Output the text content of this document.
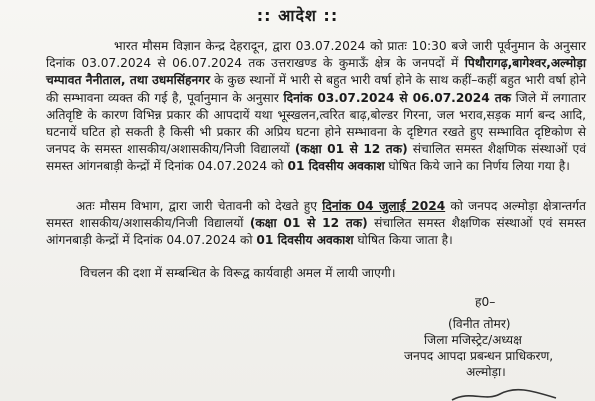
:: आदेश ::
भारत मौसम विज्ञान केन्द्र देहरादून, द्वारा 03.07.2024 को प्रातः 10:30 बजे जारी पूर्वनुमान के अनुसार दिनांक 03.07.2024 से 06.07.2024 तक उत्तराखण्ड के कुमाऊँ क्षेत्र के जनपदों में पिथौरागढ़,बागेश्वर,अल्मोड़ा चम्पावत नैनीताल, तथा उधमसिंहनगर के कुछ स्थानों में भारी से बहुत भारी वर्षा होने के साथ कहीं–कहीं बहुत भारी वर्षा होने की सम्भावना व्यक्त की गई है, पूर्वानुमान के अनुसार दिनांक 03.07.2024 से 06.07.2024 तक जिले में लगातार अतिवृष्टि के कारण विभिन्न प्रकार की आपदायें यथा भूस्खलन,त्वरित बाढ़,बोल्डर गिरना, जल भराव,सड़क मार्ग बन्द आदि, घटनायें घटित हो सकती है किसी भी प्रकार की अप्रिय घटना होने सम्भावना के दृष्टिगत रखते हुए सम्भावित दृष्टिकोण से जनपद के समस्त शासकीय/अशासकीय/निजी विद्यालयों (कक्षा 01 से 12 तक) संचालित समस्त शैक्षणिक संस्थाओं एवं समस्त आंगनबाड़ी केन्द्रों में दिनांक 04.07.2024 को 01 दिवसीय अवकाश घोषित किये जाने का निर्णय लिया गया है।
अतः मौसम विभाग, द्वारा जारी चेतावनी को देखते हुए दिनांक 04 जुलाई 2024 को जनपद अल्मोड़ा क्षेत्रान्तर्गत समस्त शासकीय/अशासकीय/निजी विद्यालयों (कक्षा 01 से 12 तक) संचालित समस्त शैक्षणिक संस्थाओं एवं समस्त आंगनबाड़ी केन्द्रों में दिनांक 04.07.2024 को 01 दिवसीय अवकाश घोषित किया जाता है।
विचलन की दशा में सम्बन्धित के विरूद्व कार्यवाही अमल में लायी जाएगी।
ह0–
(विनीत तोमर)
जिला मजिस्ट्रेट/अध्यक्ष
जनपद आपदा प्रबन्धन प्राधिकरण,
अल्मोड़ा।
